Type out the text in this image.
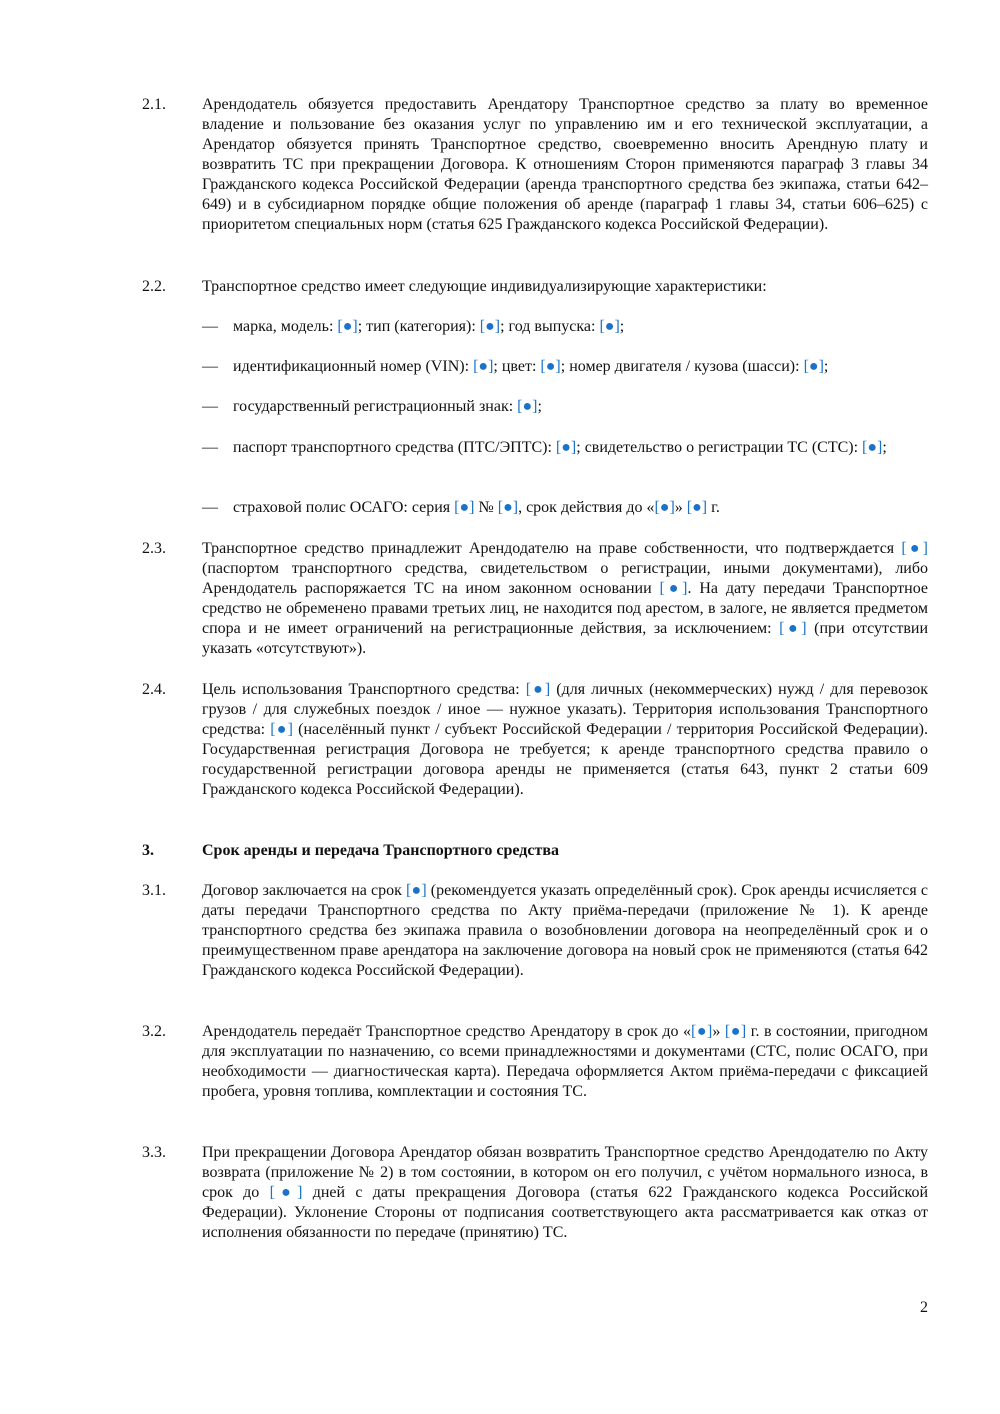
2.1. Арендодатель обязуется предоставить Арендатору Транспортное средство за плату во временное владение и пользование без оказания услуг по управлению им и его технической эксплуатации, а Арендатор обязуется принять Транспортное средство, своевременно вносить Арендную плату и возвратить ТС при прекращении Договора. К отношениям Сторон применяются параграф 3 главы 34 Гражданского кодекса Российской Федерации (аренда транспортного средства без экипажа, статьи 642–649) и в субсидиарном порядке общие положения об аренде (параграф 1 главы 34, статьи 606–625) с приоритетом специальных норм (статья 625 Гражданского кодекса Российской Федерации).
2.2. Транспортное средство имеет следующие индивидуализирующие характеристики:
— марка, модель: [●]; тип (категория): [●]; год выпуска: [●];
— идентификационный номер (VIN): [●]; цвет: [●]; номер двигателя / кузова (шасси): [●];
— государственный регистрационный знак: [●];
— паспорт транспортного средства (ПТС/ЭПТС): [●]; свидетельство о регистрации ТС (СТС): [●];
— страховой полис ОСАГО: серия [●] № [●], срок действия до «[●]» [●] г.
2.3. Транспортное средство принадлежит Арендодателю на праве собственности, что подтверждается [●] (паспортом транспортного средства, свидетельством о регистрации, иными документами), либо Арендодатель распоряжается ТС на ином законном основании [●]. На дату передачи Транспортное средство не обременено правами третьих лиц, не находится под арестом, в залоге, не является предметом спора и не имеет ограничений на регистрационные действия, за исключением: [●] (при отсутствии указать «отсутствуют»).
2.4. Цель использования Транспортного средства: [●] (для личных (некоммерческих) нужд / для перевозок грузов / для служебных поездок / иное — нужное указать). Территория использования Транспортного средства: [●] (населённый пункт / субъект Российской Федерации / территория Российской Федерации). Государственная регистрация Договора не требуется; к аренде транспортного средства правило о государственной регистрации договора аренды не применяется (статья 643, пункт 2 статьи 609 Гражданского кодекса Российской Федерации).
3.	Срок аренды и передача Транспортного средства
3.1. Договор заключается на срок [●] (рекомендуется указать определённый срок). Срок аренды исчисляется с даты передачи Транспортного средства по Акту приёма-передачи (приложение № 1). К аренде транспортного средства без экипажа правила о возобновлении договора на неопределённый срок и о преимущественном праве арендатора на заключение договора на новый срок не применяются (статья 642 Гражданского кодекса Российской Федерации).
3.2. Арендодатель передаёт Транспортное средство Арендатору в срок до «[●]» [●] г. в состоянии, пригодном для эксплуатации по назначению, со всеми принадлежностями и документами (СТС, полис ОСАГО, при необходимости — диагностическая карта). Передача оформляется Актом приёма-передачи с фиксацией пробега, уровня топлива, комплектации и состояния ТС.
3.3. При прекращении Договора Арендатор обязан возвратить Транспортное средство Арендодателю по Акту возврата (приложение № 2) в том состоянии, в котором он его получил, с учётом нормального износа, в срок до [●] дней с даты прекращения Договора (статья 622 Гражданского кодекса Российской Федерации). Уклонение Стороны от подписания соответствующего акта рассматривается как отказ от исполнения обязанности по передаче (принятию) ТС.
2
